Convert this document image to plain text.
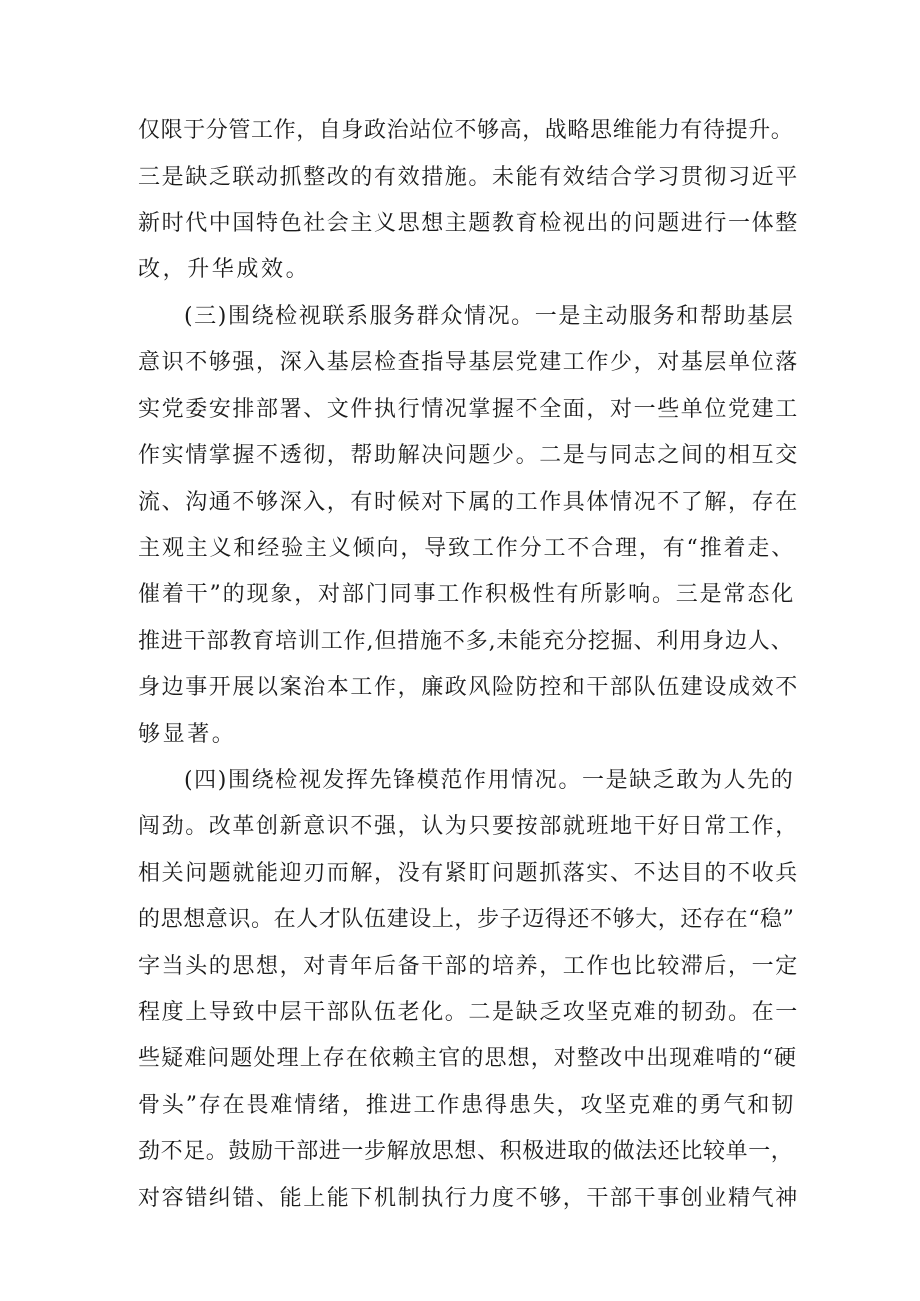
仅限于分管工作，自身政治站位不够高，战略思维能力有待提升。
三是缺乏联动抓整改的有效措施。未能有效结合学习贯彻习近平
新时代中国特色社会主义思想主题教育检视出的问题进行一体整
改，升华成效。
(三)围绕检视联系服务群众情况。一是主动服务和帮助基层
意识不够强，深入基层检查指导基层党建工作少，对基层单位落
实党委安排部署、文件执行情况掌握不全面，对一些单位党建工
作实情掌握不透彻，帮助解决问题少。二是与同志之间的相互交
流、沟通不够深入，有时候对下属的工作具体情况不了解，存在
主观主义和经验主义倾向，导致工作分工不合理，有“推着走、
催着干”的现象，对部门同事工作积极性有所影响。三是常态化
推进干部教育培训工作,但措施不多,未能充分挖掘、利用身边人、
身边事开展以案治本工作，廉政风险防控和干部队伍建设成效不
够显著。
(四)围绕检视发挥先锋模范作用情况。一是缺乏敢为人先的
闯劲。改革创新意识不强，认为只要按部就班地干好日常工作，
相关问题就能迎刃而解，没有紧盯问题抓落实、不达目的不收兵
的思想意识。在人才队伍建设上，步子迈得还不够大，还存在“稳”
字当头的思想，对青年后备干部的培养，工作也比较滞后，一定
程度上导致中层干部队伍老化。二是缺乏攻坚克难的韧劲。在一
些疑难问题处理上存在依赖主官的思想，对整改中出现难啃的“硬
骨头”存在畏难情绪，推进工作患得患失，攻坚克难的勇气和韧
劲不足。鼓励干部进一步解放思想、积极进取的做法还比较单一，
对容错纠错、能上能下机制执行力度不够，干部干事创业精气神
